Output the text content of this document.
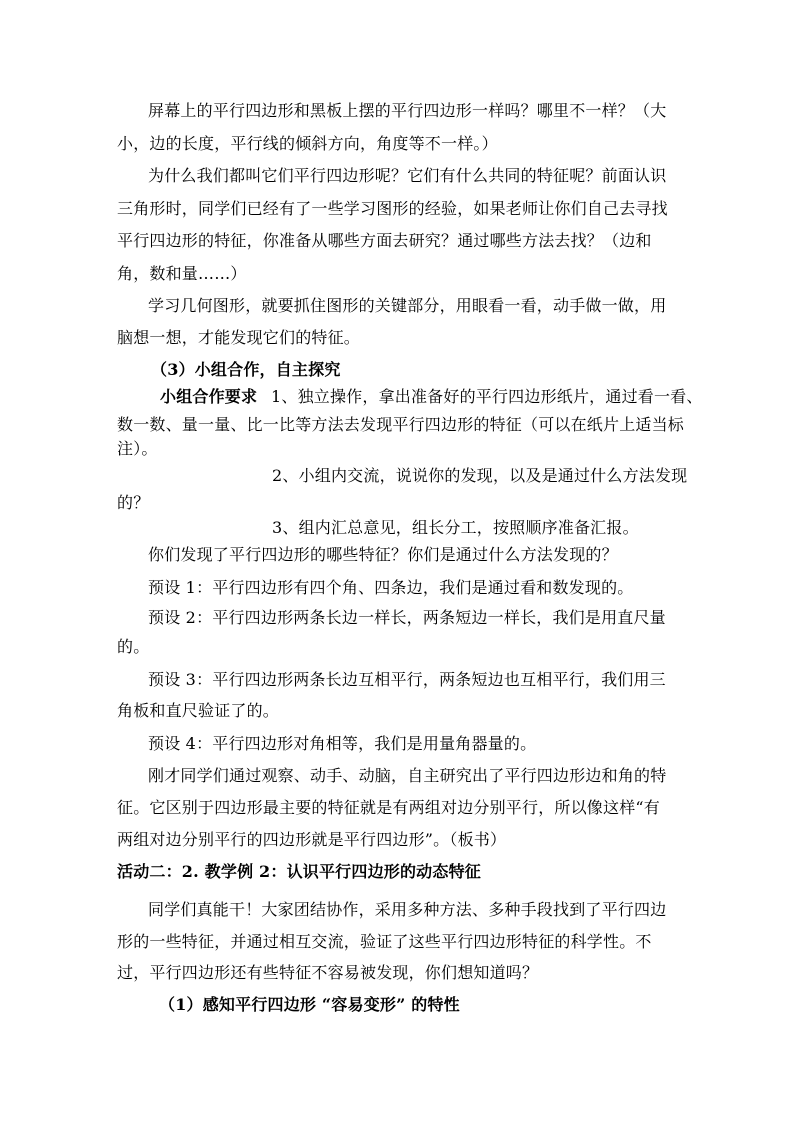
屏幕上的平行四边形和黑板上摆的平行四边形一样吗？哪里不一样？（大
小，边的长度，平行线的倾斜方向，角度等不一样。）
为什么我们都叫它们平行四边形呢？它们有什么共同的特征呢？前面认识
三角形时，同学们已经有了一些学习图形的经验，如果老师让你们自己去寻找
平行四边形的特征，你准备从哪些方面去研究？通过哪些方法去找？（边和
角，数和量……）
学习几何图形，就要抓住图形的关键部分，用眼看一看，动手做一做，用
脑想一想，才能发现它们的特征。
（3）小组合作，自主探究
小组合作要求 1、独立操作，拿出准备好的平行四边形纸片，通过看一看、
数一数、量一量、比一比等方法去发现平行四边形的特征（可以在纸片上适当标
注）。
2、小组内交流，说说你的发现，以及是通过什么方法发现
的？
3、组内汇总意见，组长分工，按照顺序准备汇报。
你们发现了平行四边形的哪些特征？你们是通过什么方法发现的？
预设 1：平行四边形有四个角、四条边，我们是通过看和数发现的。
预设 2：平行四边形两条长边一样长，两条短边一样长，我们是用直尺量
的。
预设 3：平行四边形两条长边互相平行，两条短边也互相平行，我们用三
角板和直尺验证了的。
预设 4：平行四边形对角相等，我们是用量角器量的。
刚才同学们通过观察、动手、动脑，自主研究出了平行四边形边和角的特
征。它区别于四边形最主要的特征就是有两组对边分别平行，所以像这样“有
两组对边分别平行的四边形就是平行四边形”。（板书）
活动二：2. 教学例 2：认识平行四边形的动态特征
同学们真能干！大家团结协作，采用多种方法、多种手段找到了平行四边
形的一些特征，并通过相互交流，验证了这些平行四边形特征的科学性。不
过，平行四边形还有些特征不容易被发现，你们想知道吗？
（1）感知平行四边形 “容易变形” 的特性
